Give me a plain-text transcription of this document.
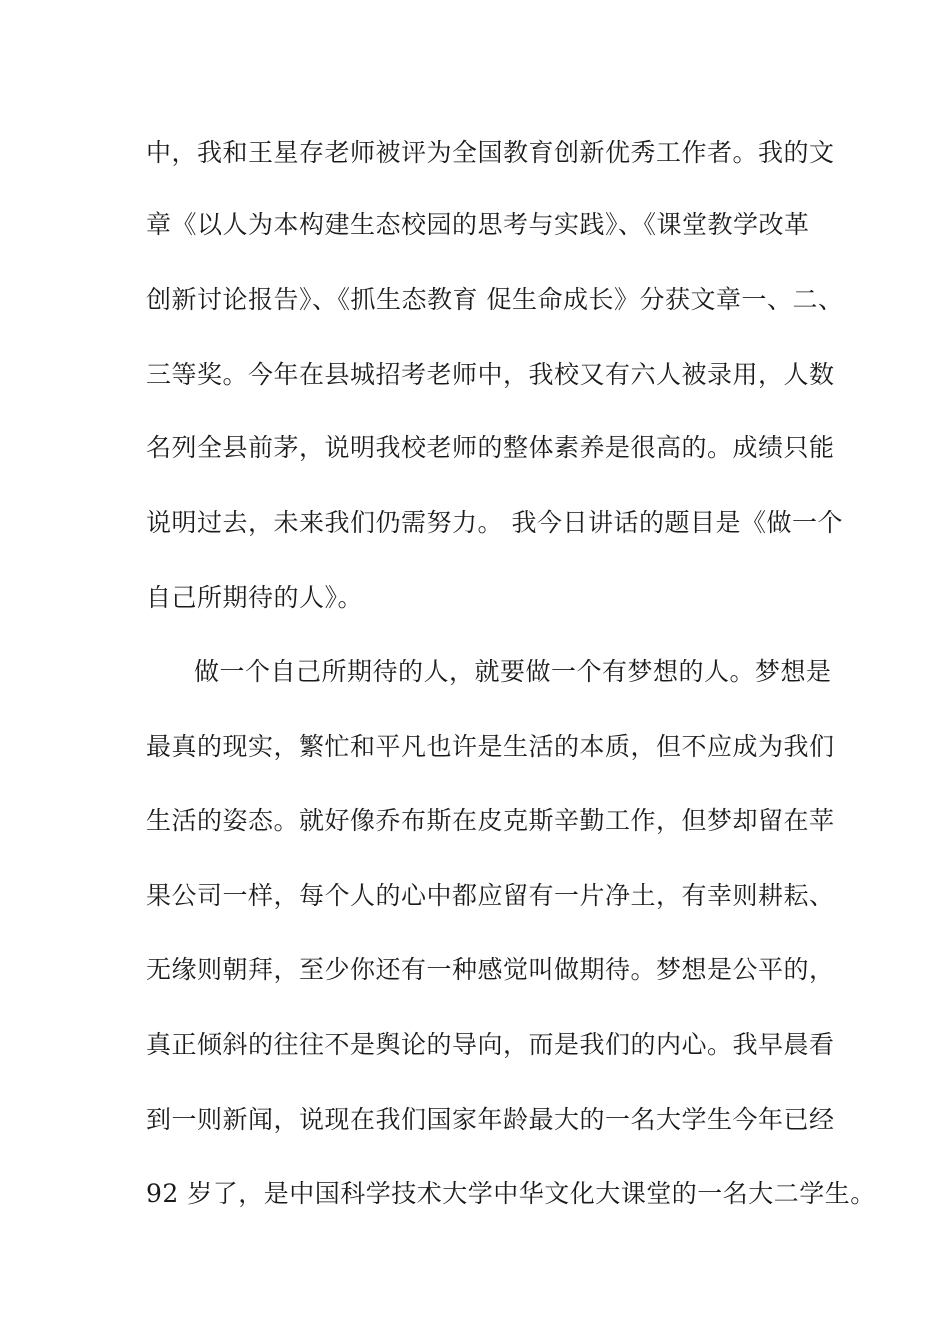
中，我和王星存老师被评为全国教育创新优秀工作者。我的文
章《以人为本构建生态校园的思考与实践》、《课堂教学改革
创新讨论报告》、《抓生态教育 促生命成长》分获文章一、二、
三等奖。今年在县城招考老师中，我校又有六人被录用，人数
名列全县前茅，说明我校老师的整体素养是很高的。成绩只能
说明过去，未来我们仍需努力。 我今日讲话的题目是《做一个
自己所期待的人》。
做一个自己所期待的人，就要做一个有梦想的人。梦想是
最真的现实，繁忙和平凡也许是生活的本质，但不应成为我们
生活的姿态。就好像乔布斯在皮克斯辛勤工作，但梦却留在苹
果公司一样，每个人的心中都应留有一片净土，有幸则耕耘、
无缘则朝拜，至少你还有一种感觉叫做期待。梦想是公平的，
真正倾斜的往往不是舆论的导向，而是我们的内心。我早晨看
到一则新闻，说现在我们国家年龄最大的一名大学生今年已经
92 岁了，是中国科学技术大学中华文化大课堂的一名大二学生。
